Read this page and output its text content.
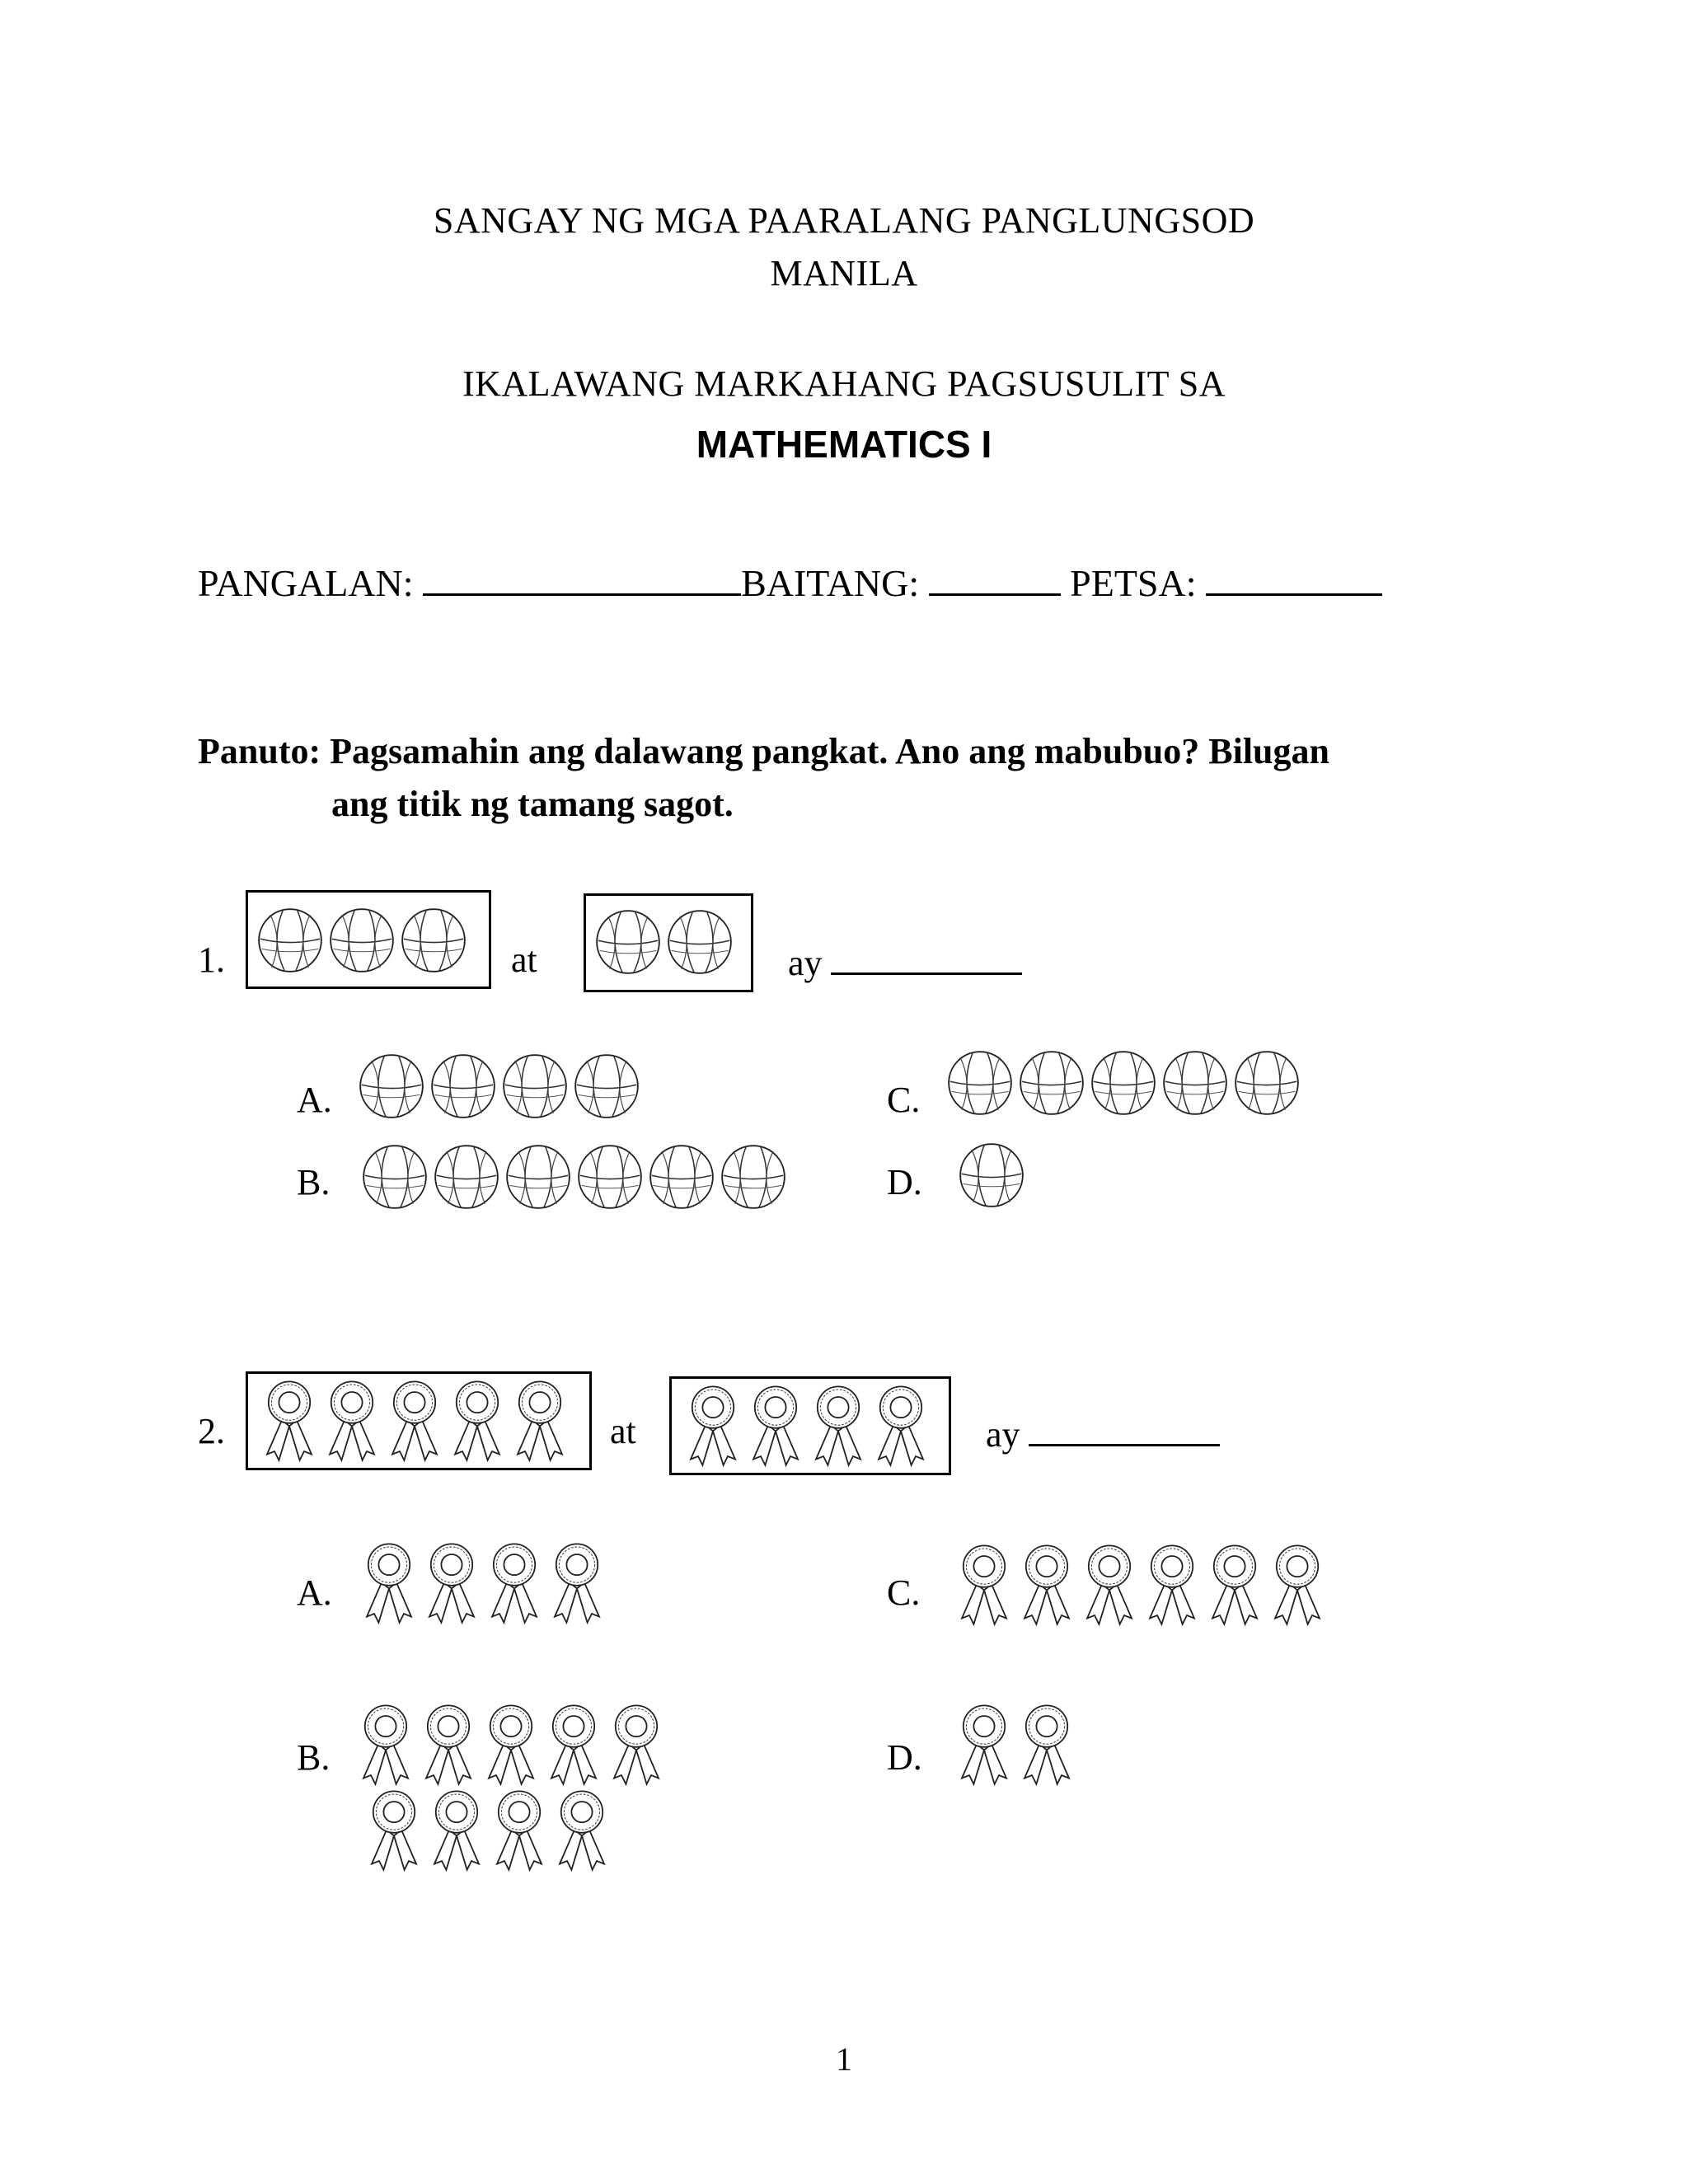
SANGAY NG MGA PAARALANG PANGLUNGSOD
MANILA
IKALAWANG MARKAHANG PAGSUSULIT SA
MATHEMATICS I
PANGALAN:	BAITANG:	PETSA:
Panuto: Pagsamahin ang dalawang pangkat. Ano ang mabubuo? Bilugan
ang titik ng tamang sagot.
1.	at	ay
A.
B.
C.
D.
2.	at	ay
A.
B.
C.
D.
1
